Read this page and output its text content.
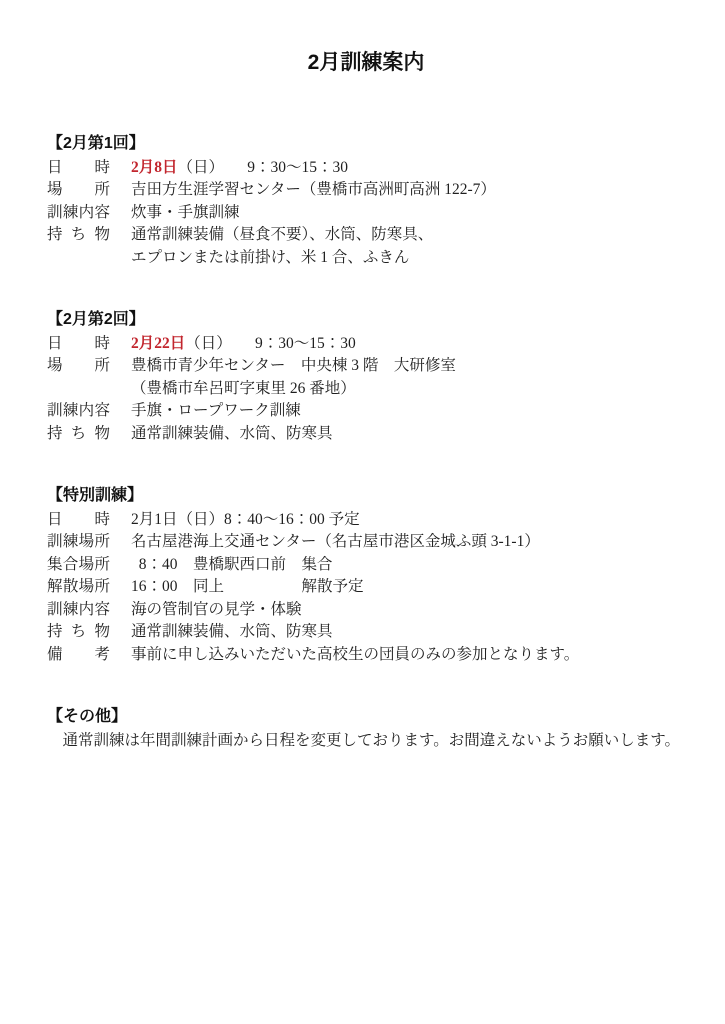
2月訓練案内
【2月第1回】
日時 2月8日（日）　　9：30～15：30
場所 吉田方生涯学習センター（豊橋市高洲町高洲 122-7）
訓練内容 炊事・手旗訓練
持ち物 通常訓練装備（昼食不要）、水筒、防寒具、
エプロンまたは前掛け、米 1 合、ふきん
【2月第2回】
日時 2月22日（日）　　9：30～15：30
場所 豊橋市青少年センター　中央棟 3 階　大研修室
（豊橋市牟呂町字東里 26 番地）
訓練内容 手旗・ロープワーク訓練
持ち物 通常訓練装備、水筒、防寒具
【特別訓練】
日時 2月1日（日）8：40～16：00 予定
訓練場所 名古屋港海上交通センター（名古屋市港区金城ふ頭 3-1-1）
集合場所 8：40　豊橋駅西口前　集合
解散場所 16：00　同上　　　　　解散予定
訓練内容 海の管制官の見学・体験
持ち物 通常訓練装備、水筒、防寒具
備考 事前に申し込みいただいた高校生の団員のみの参加となります。
【その他】

　通常訓練は年間訓練計画から日程を変更しております。お間違えないようお願いします。
